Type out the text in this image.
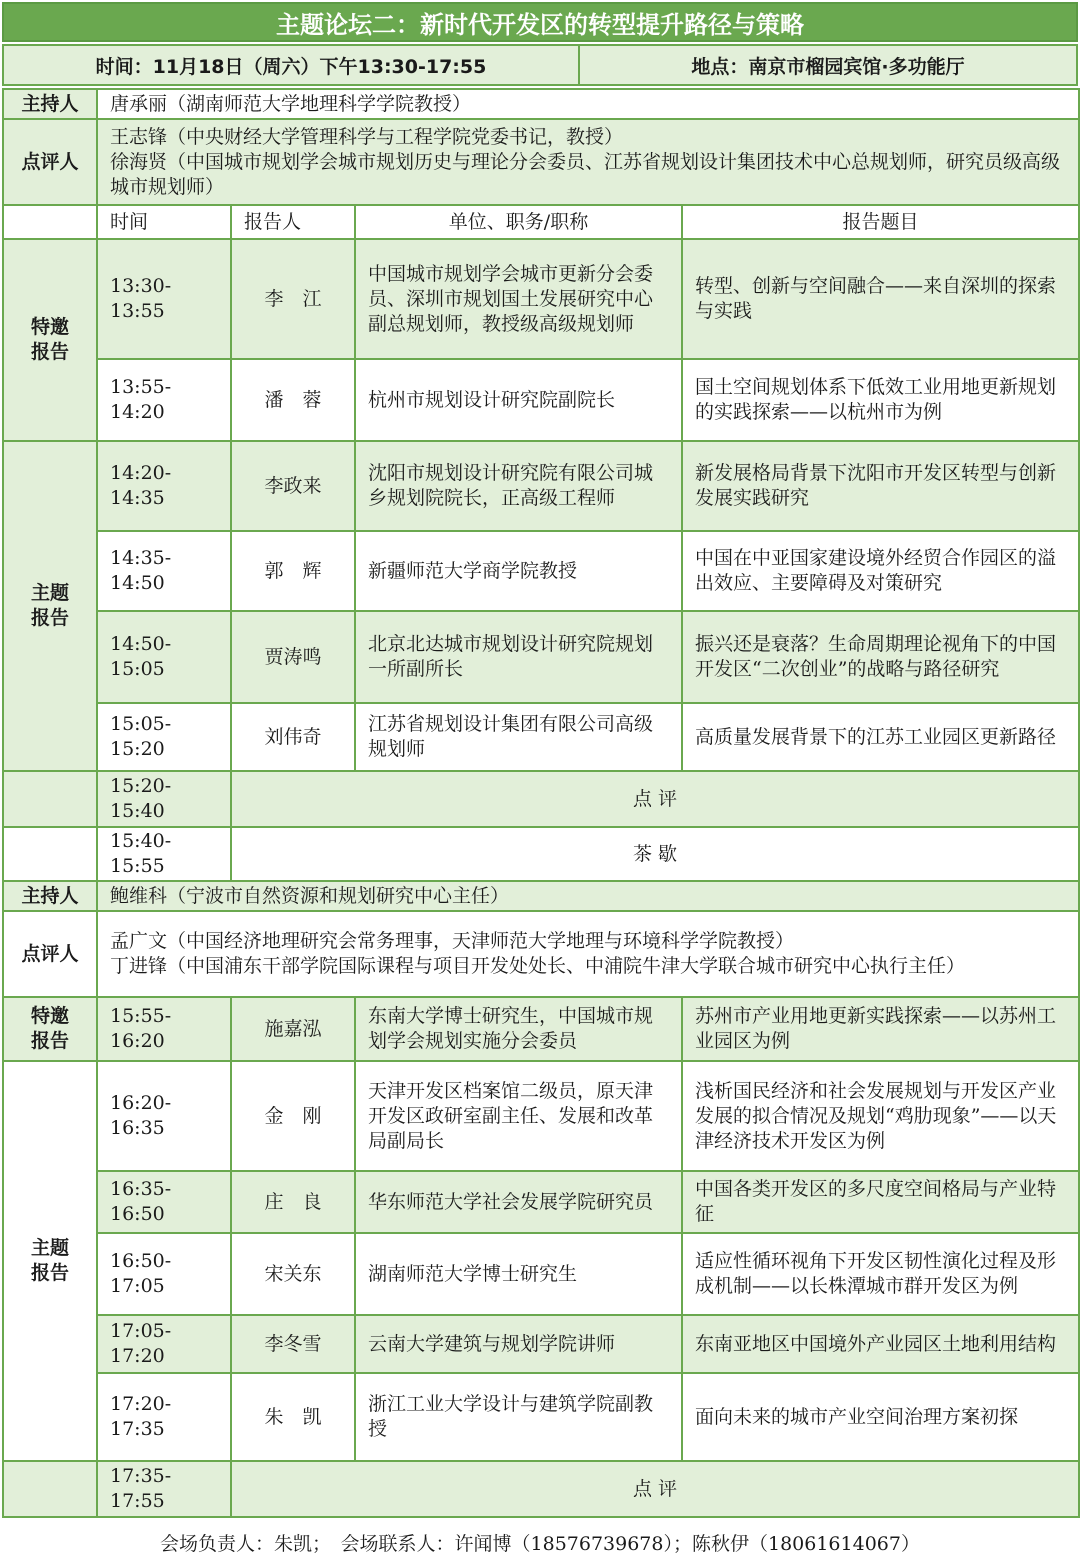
主题论坛二：新时代开发区的转型提升路径与策略
时间：11月18日（周六）下午13:30-17:55	地点：南京市榴园宾馆·多功能厅
主持人	唐承丽（湖南师范大学地理科学学院教授）			
点评人	王志锋（中央财经大学管理科学与工程学院党委书记，教授）
徐海贤（中国城市规划学会城市规划历史与理论分会委员、江苏省规划设计集团技术中心总规划师，研究员级高级城市规划师）			
	时间	报告人	单位、职务/职称	报告题目
特邀
报告	13:30-13:55	李　江	中国城市规划学会城市更新分会委员、深圳市规划国土发展研究中心副总规划师，教授级高级规划师	转型、创新与空间融合——来自深圳的探索与实践
	13:55-14:20	潘　蓉	杭州市规划设计研究院副院长	国土空间规划体系下低效工业用地更新规划的实践探索——以杭州市为例
主题
报告	14:20-14:35	李政来	沈阳市规划设计研究院有限公司城乡规划院院长，正高级工程师	新发展格局背景下沈阳市开发区转型与创新发展实践研究
	14:35-14:50	郭　辉	新疆师范大学商学院教授	中国在中亚国家建设境外经贸合作园区的溢出效应、主要障碍及对策研究
	14:50-15:05	贾涛鸣	北京北达城市规划设计研究院规划一所副所长	振兴还是衰落？生命周期理论视角下的中国开发区“二次创业”的战略与路径研究
	15:05-15:20	刘伟奇	江苏省规划设计集团有限公司高级规划师	高质量发展背景下的江苏工业园区更新路径
	15:20-15:40	点 评		
	15:40-15:55	茶 歇		
主持人	鲍维科（宁波市自然资源和规划研究中心主任）			
点评人	孟广文（中国经济地理研究会常务理事，天津师范大学地理与环境科学学院教授）
丁进锋（中国浦东干部学院国际课程与项目开发处处长、中浦院牛津大学联合城市研究中心执行主任）			
特邀
报告	15:55-16:20	施嘉泓	东南大学博士研究生，中国城市规划学会规划实施分会委员	苏州市产业用地更新实践探索——以苏州工业园区为例
主题
报告	16:20-16:35	金　刚	天津开发区档案馆二级员，原天津开发区政研室副主任、发展和改革局副局长	浅析国民经济和社会发展规划与开发区产业发展的拟合情况及规划“鸡肋现象”——以天津经济技术开发区为例
	16:35-16:50	庄　良	华东师范大学社会发展学院研究员	中国各类开发区的多尺度空间格局与产业特征
	16:50-17:05	宋关东	湖南师范大学博士研究生	适应性循环视角下开发区韧性演化过程及形成机制——以长株潭城市群开发区为例
	17:05-17:20	李冬雪	云南大学建筑与规划学院讲师	东南亚地区中国境外产业园区土地利用结构
	17:20-17:35	朱　凯	浙江工业大学设计与建筑学院副教授	面向未来的城市产业空间治理方案初探
	17:35-17:55	点 评		
会场负责人：朱凯；　会场联系人：许闻博（18576739678）；陈秋伊（18061614067）
